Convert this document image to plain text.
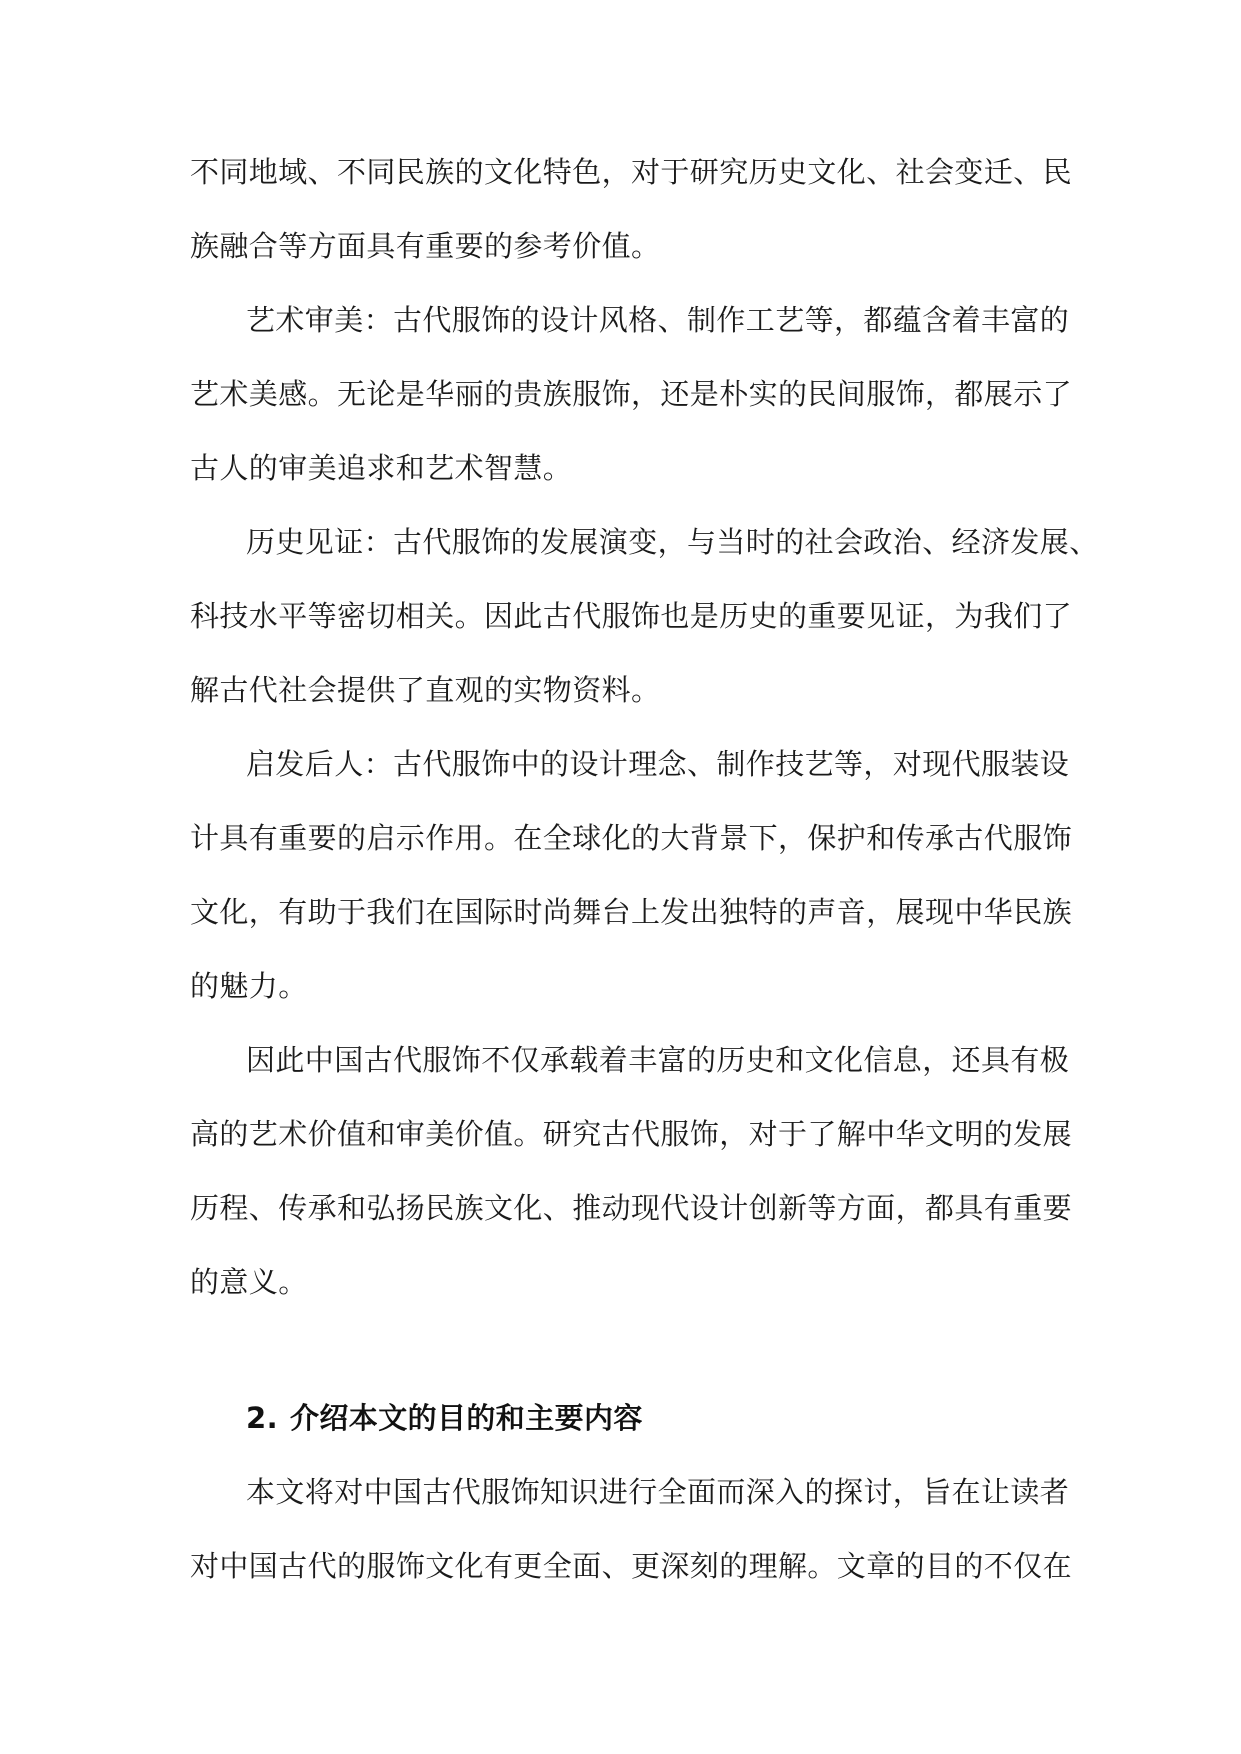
不同地域、不同民族的文化特色，对于研究历史文化、社会变迁、民
族融合等方面具有重要的参考价值。
艺术审美：古代服饰的设计风格、制作工艺等，都蕴含着丰富的
艺术美感。无论是华丽的贵族服饰，还是朴实的民间服饰，都展示了
古人的审美追求和艺术智慧。
历史见证：古代服饰的发展演变，与当时的社会政治、经济发展、
科技水平等密切相关。因此古代服饰也是历史的重要见证，为我们了
解古代社会提供了直观的实物资料。
启发后人：古代服饰中的设计理念、制作技艺等，对现代服装设
计具有重要的启示作用。在全球化的大背景下，保护和传承古代服饰
文化，有助于我们在国际时尚舞台上发出独特的声音，展现中华民族
的魅力。
因此中国古代服饰不仅承载着丰富的历史和文化信息，还具有极
高的艺术价值和审美价值。研究古代服饰，对于了解中华文明的发展
历程、传承和弘扬民族文化、推动现代设计创新等方面，都具有重要
的意义。
2. 介绍本文的目的和主要内容
本文将对中国古代服饰知识进行全面而深入的探讨，旨在让读者
对中国古代的服饰文化有更全面、更深刻的理解。文章的目的不仅在
